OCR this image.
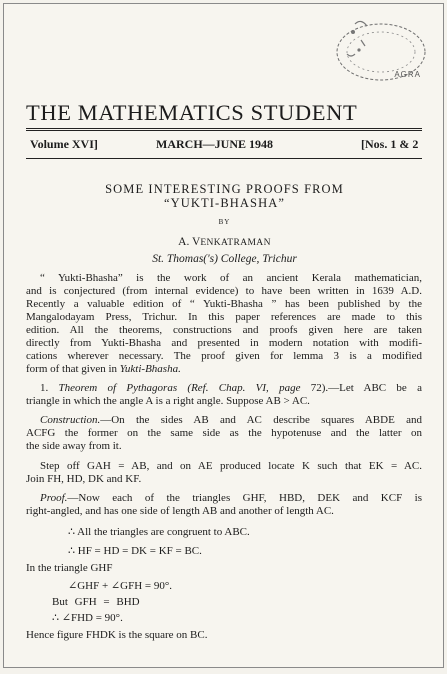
AGRA
THE MATHEMATICS STUDENT
Volume XVI]	MARCH—JUNE 1948	[Nos. 1 & 2
SOME INTERESTING PROOFS FROM
“YUKTI-BHASHA”
BY
A. VENKATRAMAN
St. Thomas('s) College, Trichur
“ Yukti-Bhasha” is the work of an ancient Kerala mathematician,
and is conjectured (from internal evidence) to have been written in 1639 A.D.
Recently a valuable edition of “ Yukti-Bhasha ” has been published by the
Mangalodayam Press, Trichur. In this paper references are made to this
edition. All the theorems, constructions and proofs given here are taken
directly from Yukti-Bhasha and presented in modern notation with modifi-
cations wherever necessary. The proof given for lemma 3 is a modified
form of that given in Yukti-Bhasha.
1. Theorem of Pythagoras (Ref. Chap. VI, page 72).—Let ABC be a
triangle in which the angle A is a right angle. Suppose AB > AC.
Construction.—On the sides AB and AC describe squares ABDE and
ACFG the former on the same side as the hypotenuse and the latter on
the side away from it.
Step off GAH = AB, and on AE produced locate K such that EK = AC.
Join FH, HD, DK and KF.
Proof.—Now each of the triangles GHF, HBD, DEK and KCF is
right-angled, and has one side of length AB and another of length AC.
∴ All the triangles are congruent to ABC.
∴ HF = HD = DK = KF = BC.
In the triangle GHF
∠GHF + ∠GFH = 90°.
But GFH = BHD
∴ ∠FHD = 90°.
Hence figure FHDK is the square on BC.
